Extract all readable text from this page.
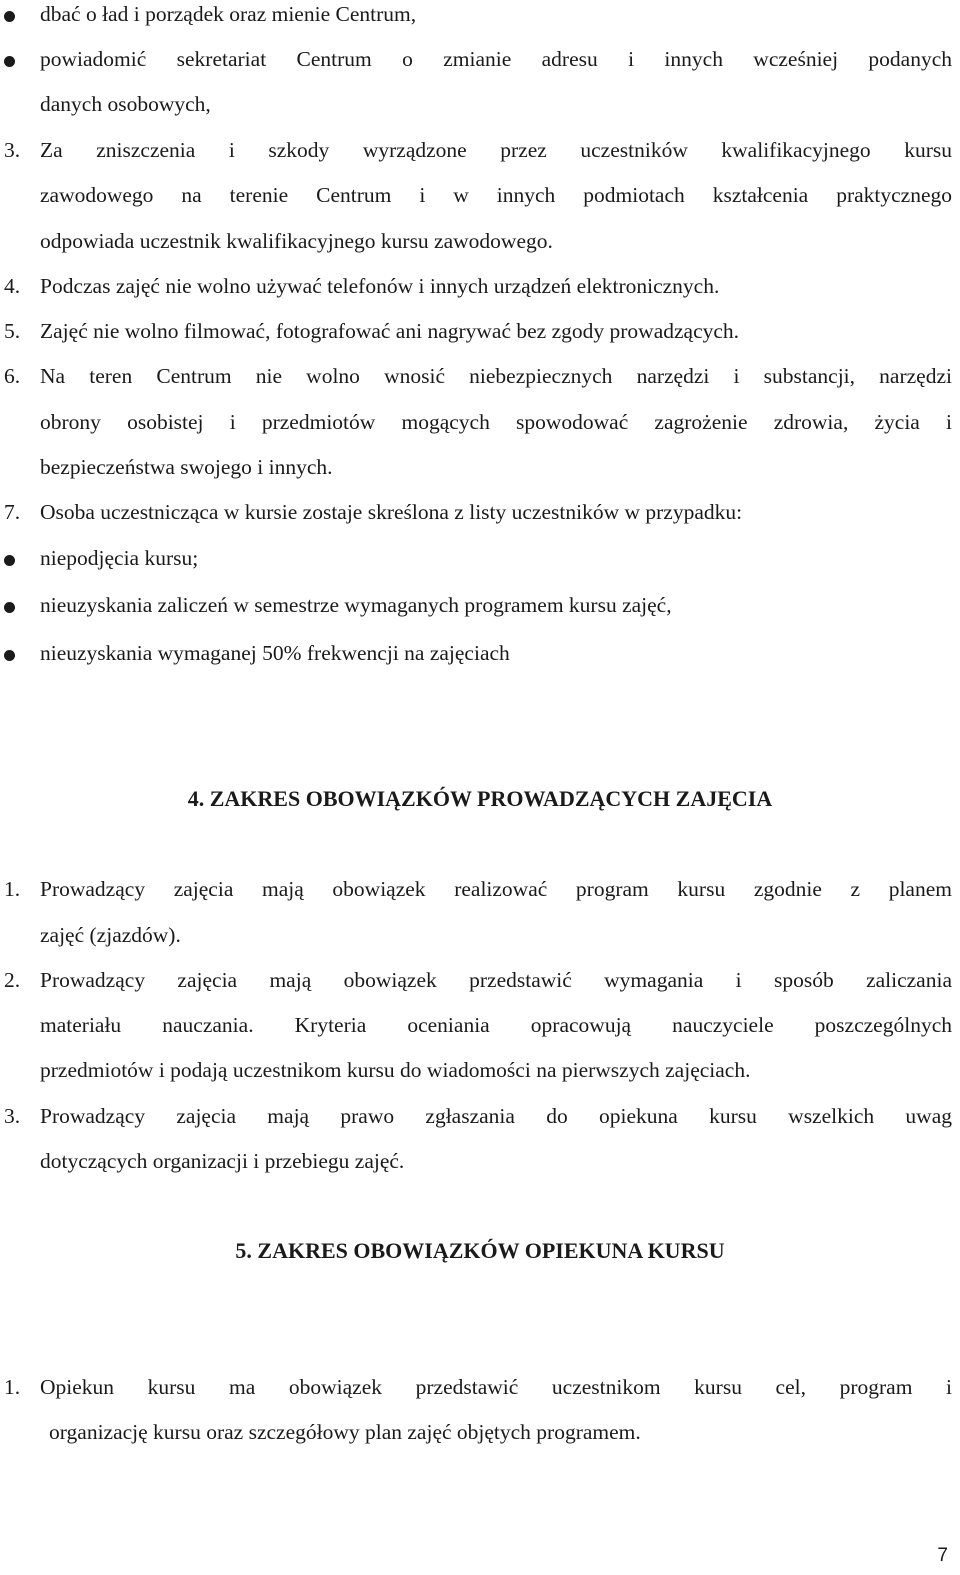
dbać o ład i porządek oraz mienie Centrum,
powiadomić sekretariat Centrum o zmianie adresu i innych wcześniej podanych
danych osobowych,
3. Za zniszczenia i szkody wyrządzone przez uczestników kwalifikacyjnego kursu
zawodowego na terenie Centrum i w innych podmiotach kształcenia praktycznego
odpowiada uczestnik kwalifikacyjnego kursu zawodowego.
4. Podczas zajęć nie wolno używać telefonów i innych urządzeń elektronicznych.
5. Zajęć nie wolno filmować, fotografować ani nagrywać bez zgody prowadzących.
6. Na teren Centrum nie wolno wnosić niebezpiecznych narzędzi i substancji, narzędzi
obrony osobistej i przedmiotów mogących spowodować zagrożenie zdrowia, życia i
bezpieczeństwa swojego i innych.
7. Osoba uczestnicząca w kursie zostaje skreślona z listy uczestników w przypadku:
niepodjęcia kursu;
nieuzyskania zaliczeń w semestrze wymaganych programem kursu zajęć,
nieuzyskania wymaganej 50% frekwencji na zajęciach
4. ZAKRES OBOWIĄZKÓW PROWADZĄCYCH ZAJĘCIA
1. Prowadzący zajęcia mają obowiązek realizować program kursu zgodnie z planem
zajęć (zjazdów).
2. Prowadzący zajęcia mają obowiązek przedstawić wymagania i sposób zaliczania
materiału nauczania. Kryteria oceniania opracowują nauczyciele poszczególnych
przedmiotów i podają uczestnikom kursu do wiadomości na pierwszych zajęciach.
3. Prowadzący zajęcia mają prawo zgłaszania do opiekuna kursu wszelkich uwag
dotyczących organizacji i przebiegu zajęć.
5. ZAKRES OBOWIĄZKÓW OPIEKUNA KURSU
1. Opiekun kursu ma obowiązek przedstawić uczestnikom kursu cel, program i
organizację kursu oraz szczegółowy plan zajęć objętych programem.
7
